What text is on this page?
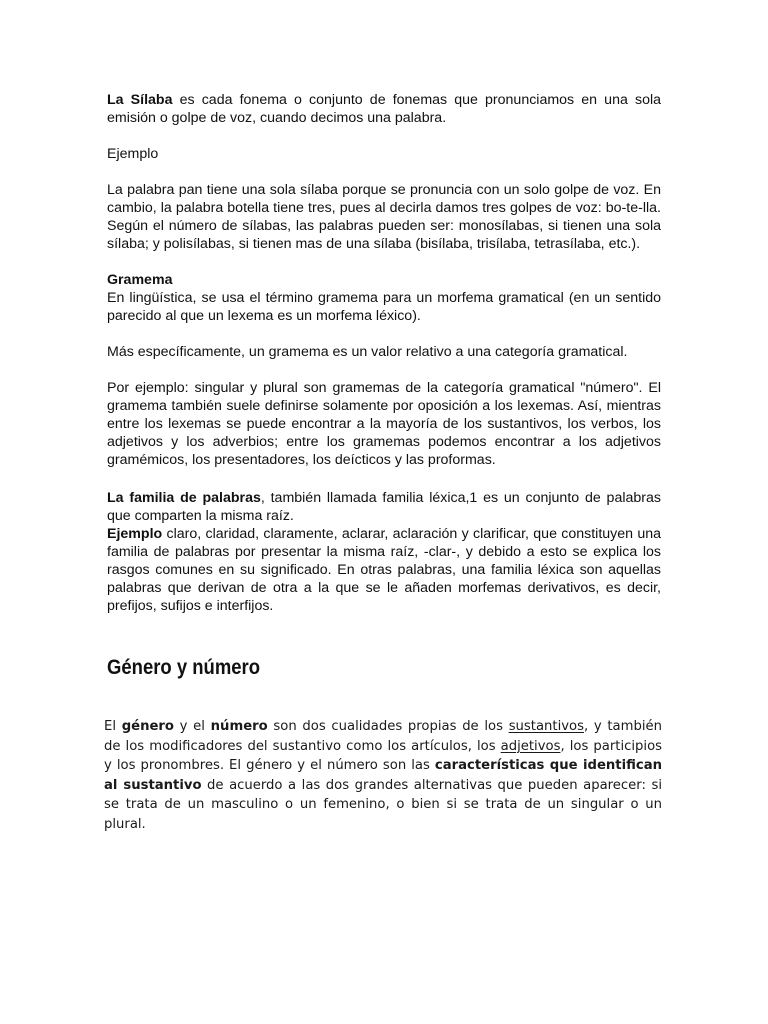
La Sílaba es cada fonema o conjunto de fonemas que pronunciamos en una sola emisión o golpe de voz, cuando decimos una palabra.

Ejemplo

La palabra pan tiene una sola sílaba porque se pronuncia con un solo golpe de voz. En cambio, la palabra botella tiene tres, pues al decirla damos tres golpes de voz: bo-te-lla. Según el número de sílabas, las palabras pueden ser: monosílabas, si tienen una sola sílaba; y polisílabas, si tienen mas de una sílaba (bisílaba, trisílaba, tetrasílaba, etc.).

Gramema
En lingüística, se usa el término gramema para un morfema gramatical (en un sentido parecido al que un lexema es un morfema léxico).

Más específicamente, un gramema es un valor relativo a una categoría gramatical.

Por ejemplo: singular y plural son gramemas de la categoría gramatical "número". El gramema también suele definirse solamente por oposición a los lexemas. Así, mientras entre los lexemas se puede encontrar a la mayoría de los sustantivos, los verbos, los adjetivos y los adverbios; entre los gramemas podemos encontrar a los adjetivos gramémicos, los presentadores, los deícticos y las proformas.

La familia de palabras, también llamada familia léxica,1 es un conjunto de palabras que comparten la misma raíz.

Ejemplo claro, claridad, claramente, aclarar, aclaración y clarificar, que constituyen una familia de palabras por presentar la misma raíz, -clar-, y debido a esto se explica los rasgos comunes en su significado. En otras palabras, una familia léxica son aquellas palabras que derivan de otra a la que se le añaden morfemas derivativos, es decir, prefijos, sufijos e interfijos.

Género y número

El género y el número son dos cualidades propias de los sustantivos, y también de los modificadores del sustantivo como los artículos, los adjetivos, los participios y los pronombres. El género y el número son las características que identifican al sustantivo de acuerdo a las dos grandes alternativas que pueden aparecer: si se trata de un masculino o un femenino, o bien si se trata de un singular o un plural.
